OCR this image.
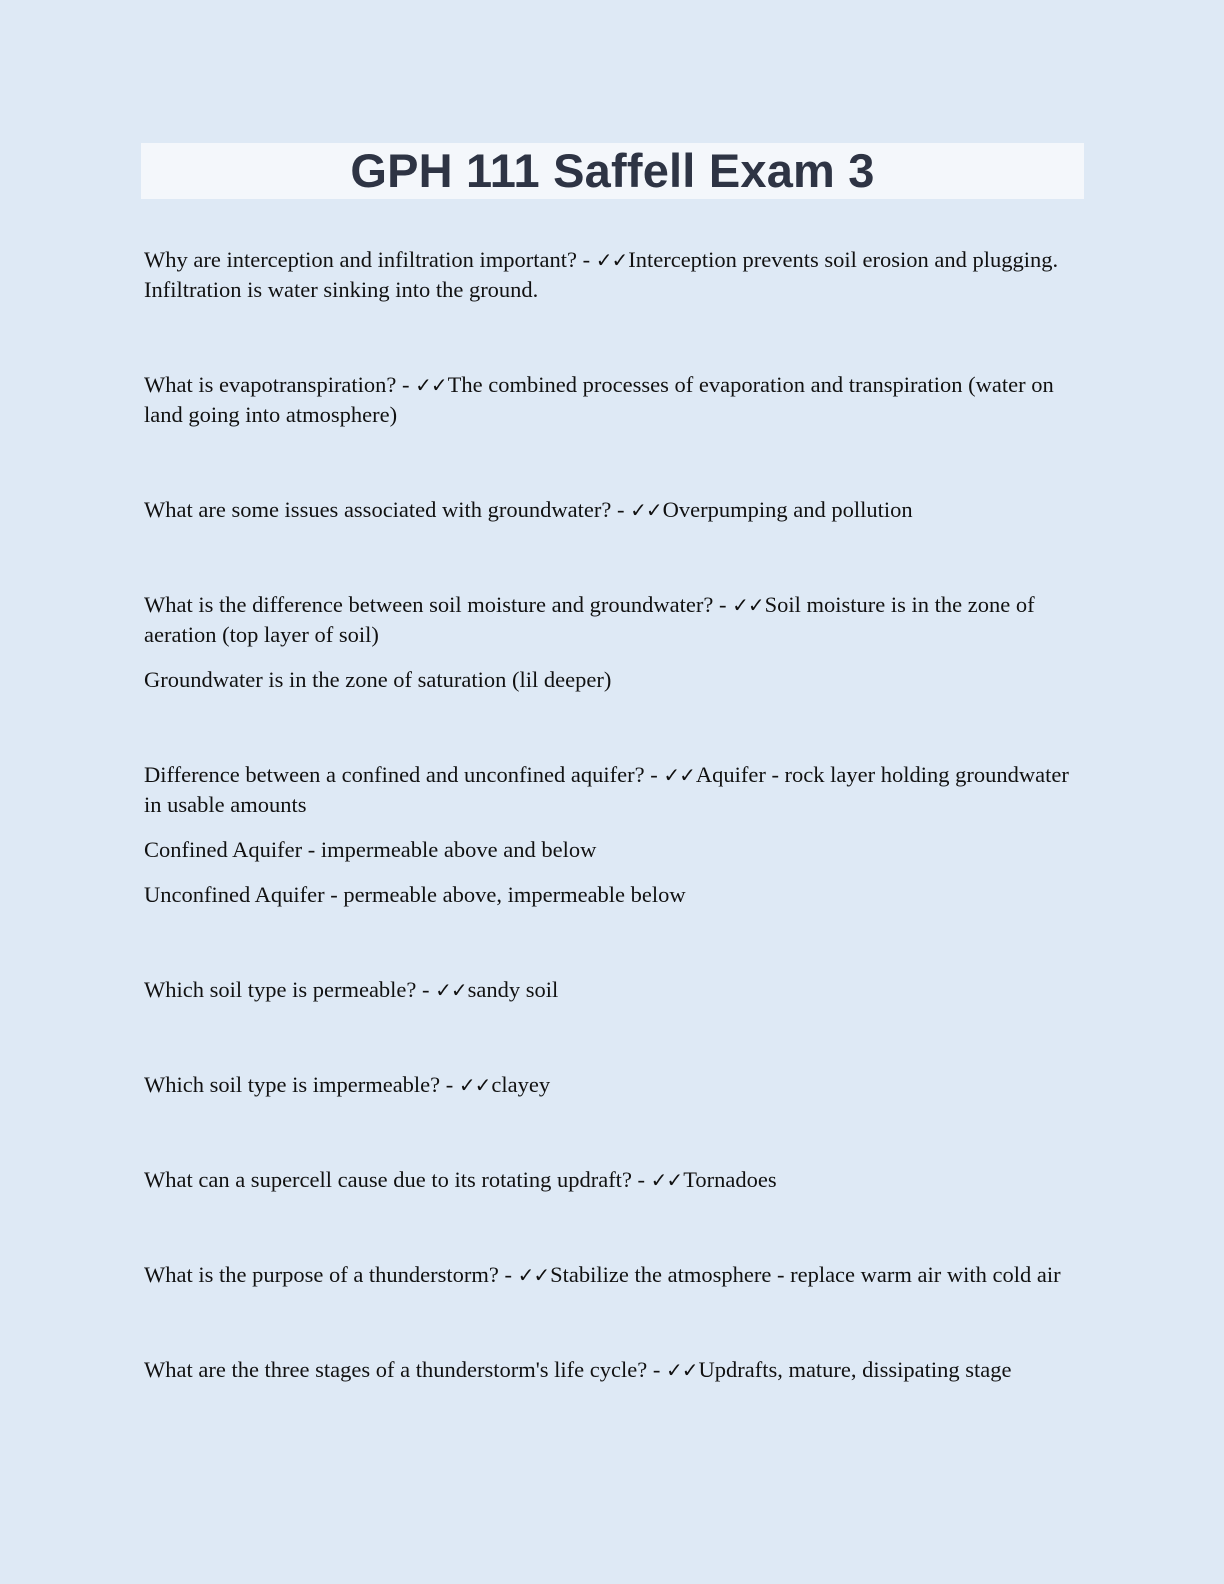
GPH 111 Saffell Exam 3

Why are interception and infiltration important? - ✓✓Interception prevents soil erosion and plugging. Infiltration is water sinking into the ground.

What is evapotranspiration? - ✓✓The combined processes of evaporation and transpiration (water on land going into atmosphere)

What are some issues associated with groundwater? - ✓✓Overpumping and pollution

What is the difference between soil moisture and groundwater? - ✓✓Soil moisture is in the zone of aeration (top layer of soil)

Groundwater is in the zone of saturation (lil deeper)

Difference between a confined and unconfined aquifer? - ✓✓Aquifer - rock layer holding groundwater in usable amounts

Confined Aquifer - impermeable above and below

Unconfined Aquifer - permeable above, impermeable below

Which soil type is permeable? - ✓✓sandy soil

Which soil type is impermeable? - ✓✓clayey

What can a supercell cause due to its rotating updraft? - ✓✓Tornadoes

What is the purpose of a thunderstorm? - ✓✓Stabilize the atmosphere - replace warm air with cold air

What are the three stages of a thunderstorm's life cycle? - ✓✓Updrafts, mature, dissipating stage
